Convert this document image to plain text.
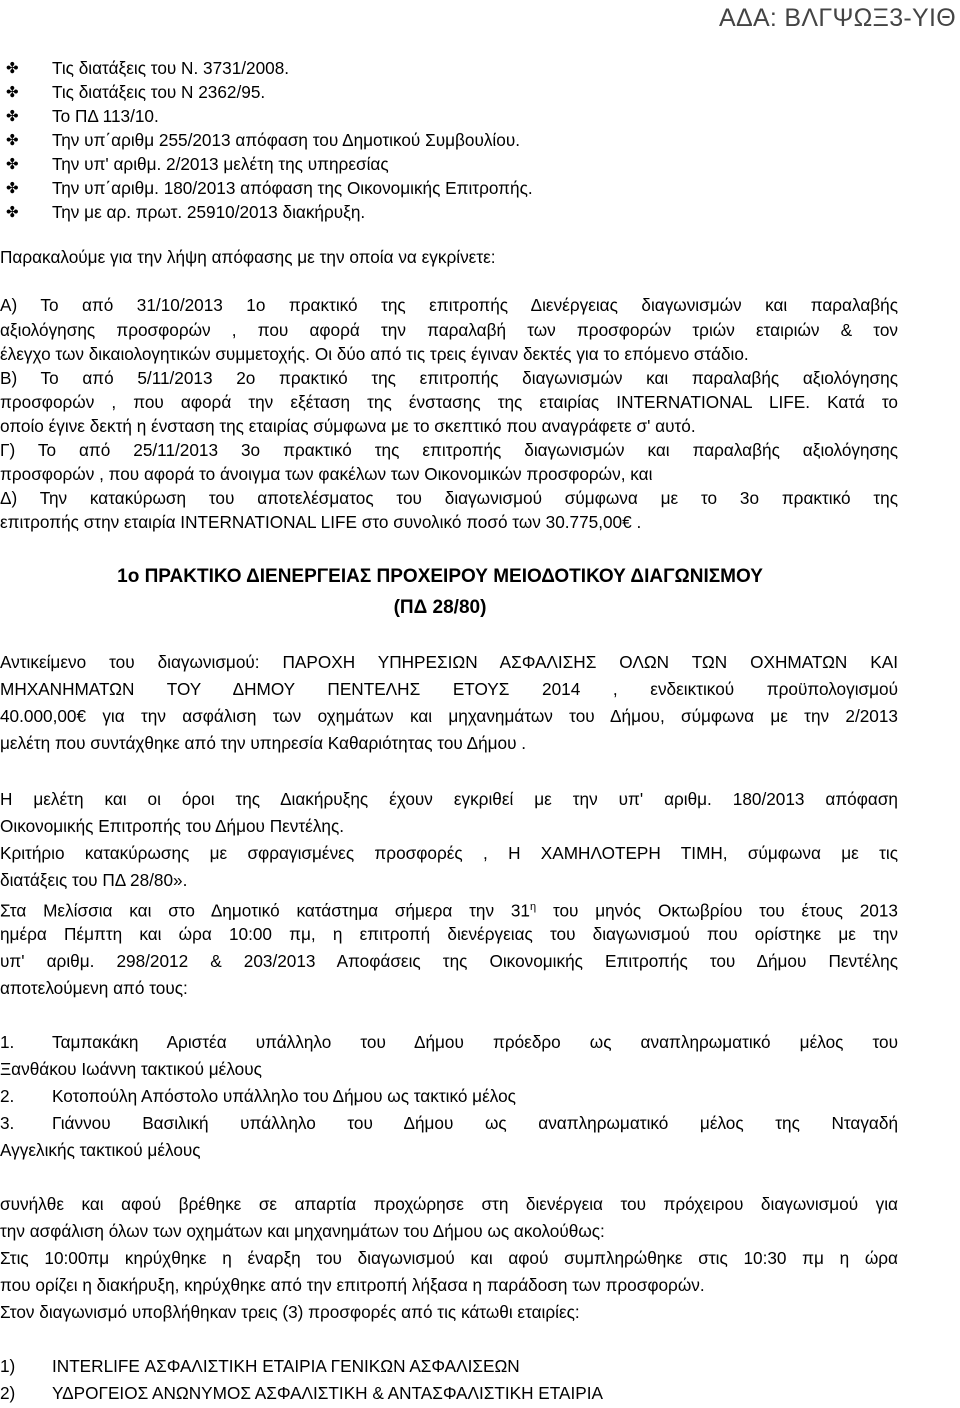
ΑΔΑ: ΒΛΓΨΩΞ3-ΥΙΘ
✤ Τις διατάξεις του Ν. 3731/2008.
✤ Τις διατάξεις του Ν 2362/95.
✤ Το ΠΔ 113/10.
✤ Την υπ΄αριθμ 255/2013 απόφαση του Δημοτικού Συμβουλίου.
✤ Την υπ' αριθμ. 2/2013 μελέτη της υπηρεσίας
✤ Την υπ΄αριθμ. 180/2013 απόφαση της Οικονομικής Επιτροπής.
✤ Την με αρ. πρωτ. 25910/2013 διακήρυξη.
Παρακαλούμε για την λήψη απόφασης με την οποία να εγκρίνετε:
Α) Το από 31/10/2013 1ο πρακτικό της επιτροπής Διενέργειας διαγωνισμών και παραλαβής
αξιολόγησης προσφορών , που αφορά την παραλαβή των προσφορών τριών εταιριών & τον
έλεγχο των δικαιολογητικών συμμετοχής. Οι δύο από τις τρεις έγιναν δεκτές για το επόμενο στάδιο.
Β) Το από 5/11/2013 2ο πρακτικό της επιτροπής διαγωνισμών και παραλαβής αξιολόγησης
προσφορών , που αφορά την εξέταση της ένστασης της εταιρίας INTERNATIONAL LIFE. Κατά το
οποίο έγινε δεκτή η ένσταση της εταιρίας σύμφωνα με το σκεπτικό που αναγράφετε σ' αυτό.
Γ) Το από 25/11/2013 3ο πρακτικό της επιτροπής διαγωνισμών και παραλαβής αξιολόγησης
προσφορών , που αφορά το άνοιγμα των φακέλων των Οικονομικών προσφορών, και
Δ) Την κατακύρωση του αποτελέσματος του διαγωνισμού σύμφωνα με το 3ο πρακτικό της
επιτροπής στην εταιρία INTERNATIONAL LIFE στο συνολικό ποσό των 30.775,00€ .
1ο ΠΡΑΚΤΙΚΟ ΔΙΕΝΕΡΓΕΙΑΣ ΠΡΟΧΕΙΡΟΥ ΜΕΙΟΔΟΤΙΚΟΥ ΔΙΑΓΩΝΙΣΜΟΥ
(ΠΔ 28/80)
Αντικείμενο του διαγωνισμού: ΠΑΡΟΧΗ ΥΠΗΡΕΣΙΩΝ ΑΣΦΑΛΙΣΗΣ ΟΛΩΝ ΤΩΝ ΟΧΗΜΑΤΩΝ ΚΑΙ
ΜΗΧΑΝΗΜΑΤΩΝ ΤΟΥ ΔΗΜΟΥ ΠΕΝΤΕΛΗΣ ΕΤΟΥΣ 2014 , ενδεικτικού προϋπολογισμού
40.000,00€ για την ασφάλιση των οχημάτων και μηχανημάτων του Δήμου, σύμφωνα με την 2/2013
μελέτη που συντάχθηκε από την υπηρεσία Καθαριότητας του Δήμου .
Η μελέτη και οι όροι της Διακήρυξης έχουν εγκριθεί με την υπ' αριθμ. 180/2013 απόφαση
Οικονομικής Επιτροπής του Δήμου Πεντέλης.
Κριτήριο κατακύρωσης με σφραγισμένες προσφορές , Η ΧΑΜΗΛΟΤΕΡΗ ΤΙΜΗ, σύμφωνα με τις
διατάξεις του ΠΔ 28/80».
Στα Μελίσσια και στο Δημοτικό κατάστημα σήμερα την $31^\eta$ του μηνός Οκτωβρίου του έτους 2013
ημέρα Πέμπτη και ώρα 10:00 πμ, η επιτροπή διενέργειας του διαγωνισμού που ορίστηκε με την
υπ' αριθμ. 298/2012 & 203/2013 Αποφάσεις της Οικονομικής Επιτροπής του Δήμου Πεντέλης
αποτελούμενη από τους:
1. Ταμπακάκη Αριστέα υπάλληλο του Δήμου πρόεδρο ως αναπληρωματικό μέλος του
Ξανθάκου Ιωάννη τακτικού μέλους
2. Κοτοπούλη Απόστολο υπάλληλο του Δήμου ως τακτικό μέλος
3. Γιάννου Βασιλική υπάλληλο του Δήμου ως αναπληρωματικό μέλος της Νταγαδή
Αγγελικής τακτικού μέλους
συνήλθε και αφού βρέθηκε σε απαρτία προχώρησε στη διενέργεια του πρόχειρου διαγωνισμού για
την ασφάλιση όλων των οχημάτων και μηχανημάτων του Δήμου ως ακολούθως:
Στις 10:00πμ κηρύχθηκε η έναρξη του διαγωνισμού και αφού συμπληρώθηκε στις 10:30 πμ η ώρα
που ορίζει η διακήρυξη, κηρύχθηκε από την επιτροπή λήξασα η παράδοση των προσφορών.
Στον διαγωνισμό υποβλήθηκαν τρεις (3) προσφορές από τις κάτωθι εταιρίες:
1) INTERLIFE ΑΣΦΑΛΙΣΤΙΚΗ ΕΤΑΙΡΙΑ ΓΕΝΙΚΩΝ ΑΣΦΑΛΙΣΕΩΝ
2) ΥΔΡΟΓΕΙΟΣ ΑΝΩΝΥΜΟΣ ΑΣΦΑΛΙΣΤΙΚΗ & ΑΝΤΑΣΦΑΛΙΣΤΙΚΗ ΕΤΑΙΡΙΑ
